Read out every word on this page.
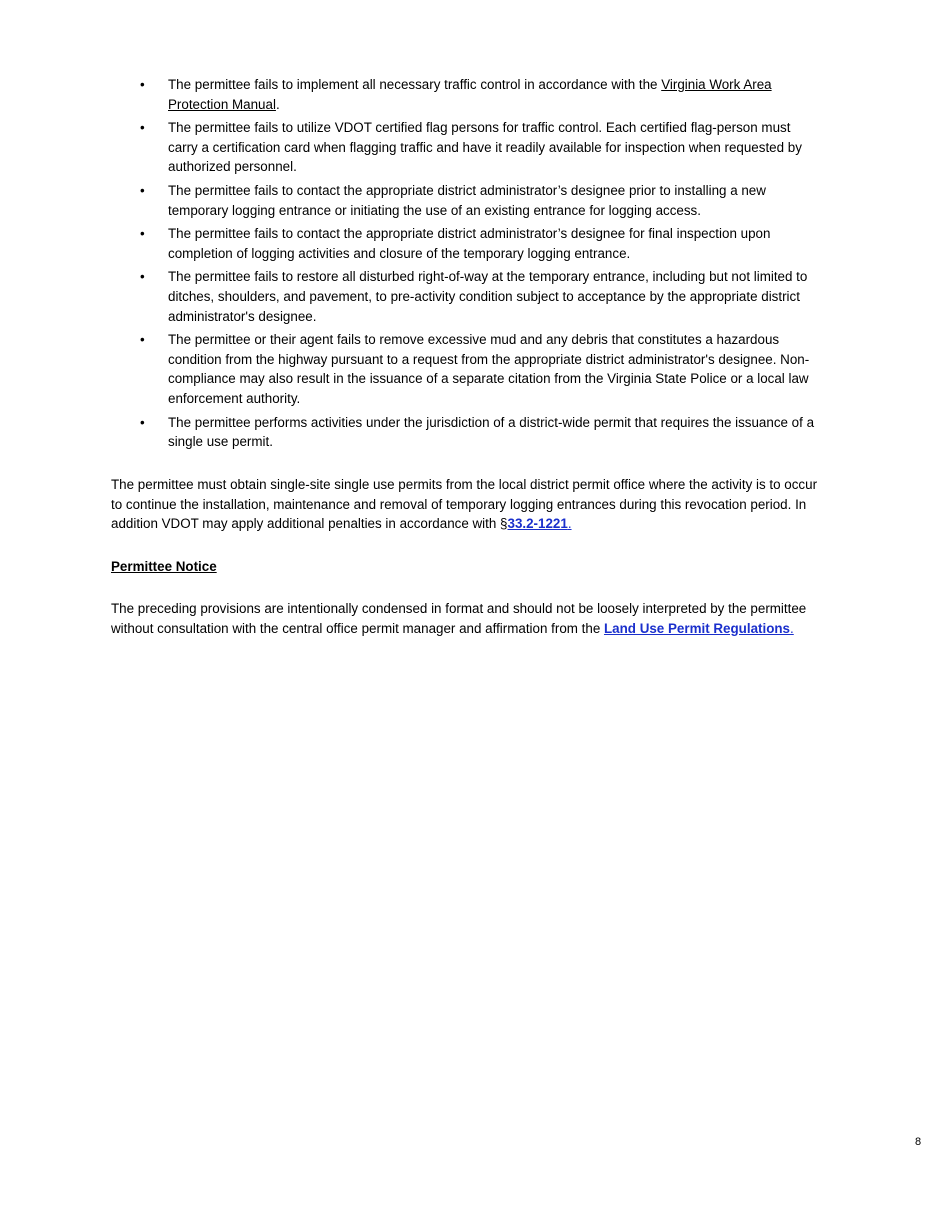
•	The permittee fails to implement all necessary traffic control in accordance with the Virginia Work Area Protection Manual.
•	The permittee fails to utilize VDOT certified flag persons for traffic control. Each certified flag-person must carry a certification card when flagging traffic and have it readily available for inspection when requested by authorized personnel.
•	The permittee fails to contact the appropriate district administrator’s designee prior to installing a new temporary logging entrance or initiating the use of an existing entrance for logging access.
•	The permittee fails to contact the appropriate district administrator’s designee for final inspection upon completion of logging activities and closure of the temporary logging entrance.
•	The permittee fails to restore all disturbed right-of-way at the temporary entrance, including but not limited to ditches, shoulders, and pavement, to pre-activity condition subject to acceptance by the appropriate district administrator's designee.
•	The permittee or their agent fails to remove excessive mud and any debris that constitutes a hazardous condition from the highway pursuant to a request from the appropriate district administrator's designee. Non-compliance may also result in the issuance of a separate citation from the Virginia State Police or a local law enforcement authority.
•	The permittee performs activities under the jurisdiction of a district-wide permit that requires the issuance of a single use permit.

The permittee must obtain single-site single use permits from the local district permit office where the activity is to occur to continue the installation, maintenance and removal of temporary logging entrances during this revocation period. In addition VDOT may apply additional penalties in accordance with §33.2-1221.

Permittee Notice

The preceding provisions are intentionally condensed in format and should not be loosely interpreted by the permittee without consultation with the central office permit manager and affirmation from the Land Use Permit Regulations.

8
